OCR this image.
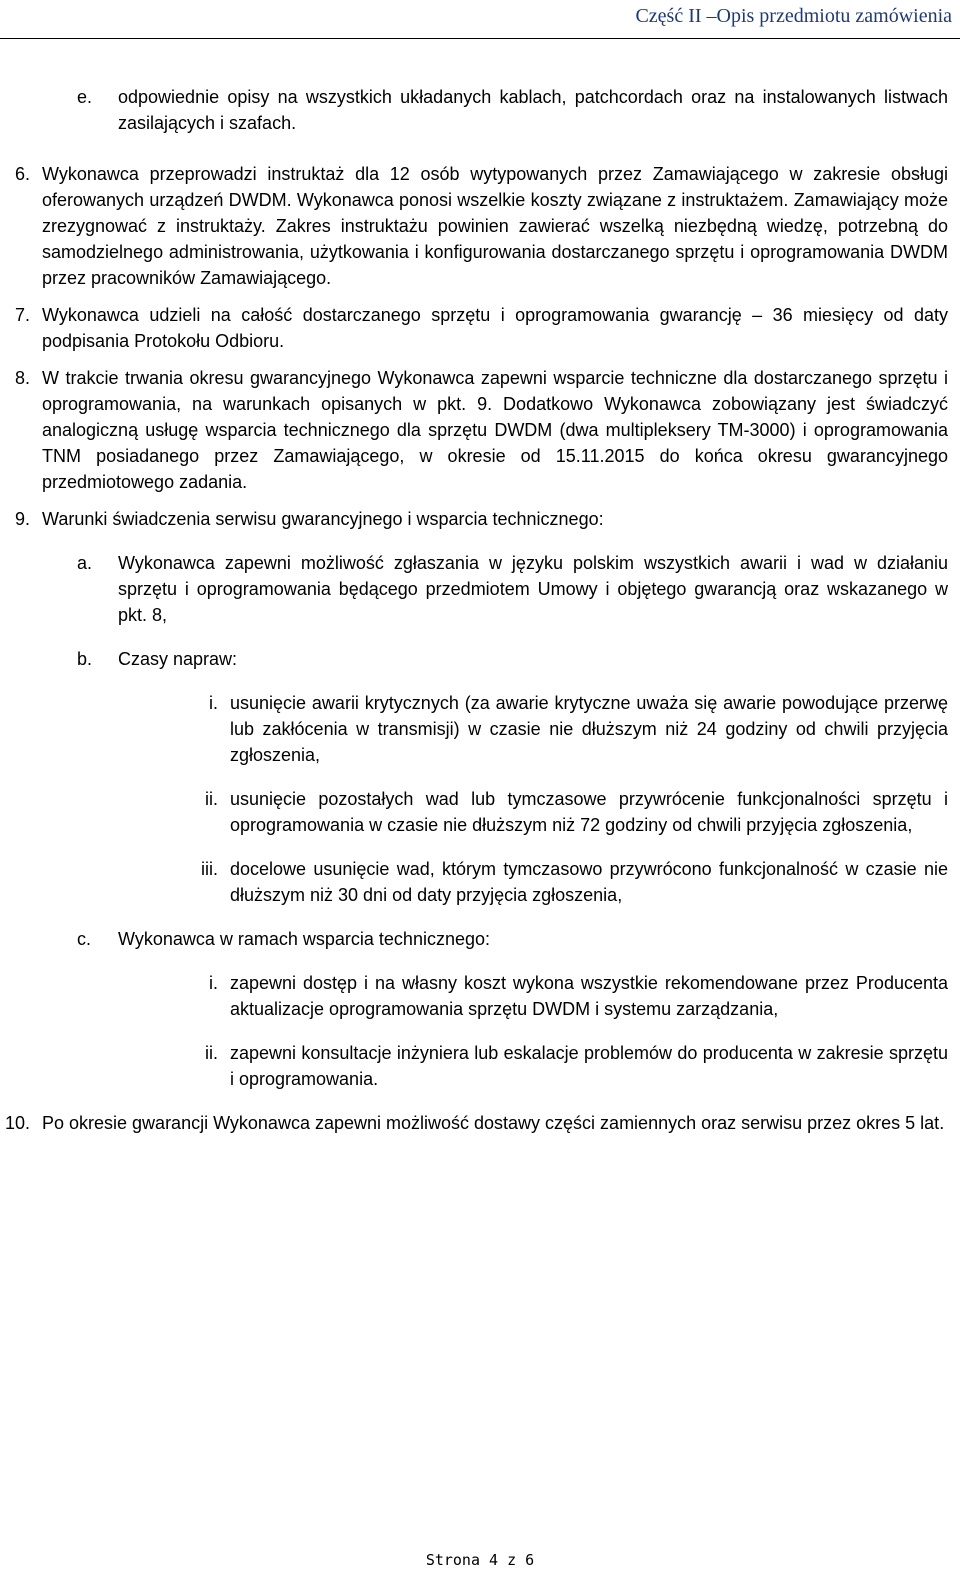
Część II –Opis przedmiotu zamówienia
e.	odpowiednie opisy na wszystkich układanych kablach, patchcordach oraz na instalowanych listwach zasilających i szafach.
6. Wykonawca przeprowadzi instruktaż dla 12 osób wytypowanych przez Zamawiającego w zakresie obsługi oferowanych urządzeń DWDM. Wykonawca ponosi wszelkie koszty związane z instruktażem. Zamawiający może zrezygnować z instruktaży. Zakres instruktażu powinien zawierać wszelką niezbędną wiedzę, potrzebną do samodzielnego administrowania, użytkowania i konfigurowania dostarczanego sprzętu i oprogramowania DWDM przez pracowników Zamawiającego.
7. Wykonawca udzieli na całość dostarczanego sprzętu i oprogramowania gwarancję – 36 miesięcy od daty podpisania Protokołu Odbioru.
8. W trakcie trwania okresu gwarancyjnego Wykonawca zapewni wsparcie techniczne dla dostarczanego sprzętu i oprogramowania, na warunkach opisanych w pkt. 9. Dodatkowo Wykonawca zobowiązany jest świadczyć analogiczną usługę wsparcia technicznego dla sprzętu DWDM (dwa multipleksery TM-3000) i oprogramowania TNM posiadanego przez Zamawiającego, w okresie od 15.11.2015 do końca okresu gwarancyjnego przedmiotowego zadania.
9. Warunki świadczenia serwisu gwarancyjnego i wsparcia technicznego:
a.	Wykonawca zapewni możliwość zgłaszania w języku polskim wszystkich awarii i wad w działaniu sprzętu i oprogramowania będącego przedmiotem Umowy i objętego gwarancją oraz wskazanego w pkt. 8,
b.	Czasy napraw:
i. usunięcie awarii krytycznych (za awarie krytyczne uważa się awarie powodujące przerwę lub zakłócenia w transmisji) w czasie nie dłuższym niż 24 godziny od chwili przyjęcia zgłoszenia,
ii. usunięcie pozostałych wad lub tymczasowe przywrócenie funkcjonalności sprzętu i oprogramowania w czasie nie dłuższym niż 72 godziny od chwili przyjęcia zgłoszenia,
iii. docelowe usunięcie wad, którym tymczasowo przywrócono funkcjonalność w czasie nie dłuższym niż 30 dni od daty przyjęcia zgłoszenia,
c.	Wykonawca w ramach wsparcia technicznego:
i. zapewni dostęp i na własny koszt wykona wszystkie rekomendowane przez Producenta aktualizacje oprogramowania sprzętu DWDM i systemu zarządzania,
ii. zapewni konsultacje inżyniera lub eskalacje problemów do producenta w zakresie sprzętu i oprogramowania.
10. Po okresie gwarancji Wykonawca zapewni możliwość dostawy części zamiennych oraz serwisu przez okres 5 lat.
Strona 4 z 6
